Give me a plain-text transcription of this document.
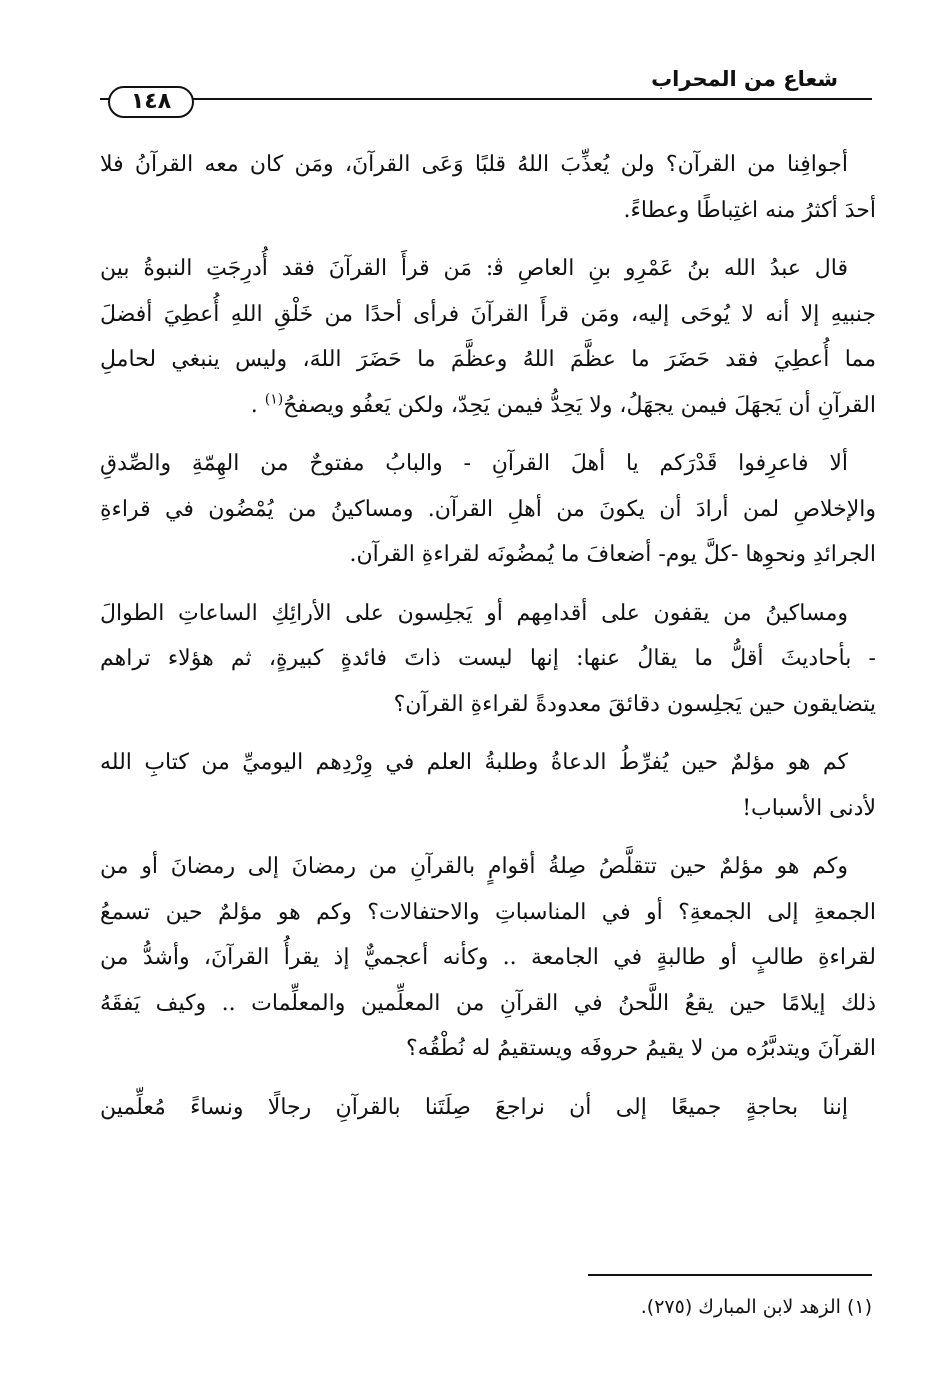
شعاع من المحراب
١٤٨

أجوافِنا من القرآن؟ ولن يُعذِّبَ اللهُ قلبًا وَعَى القرآنَ، ومَن كان معه القرآنُ فلا
أحدَ أكثرُ منه اغتِباطًا وعطاءً.

قال عبدُ الله بنُ عَمْرِو بنِ العاصِ ﭬ: مَن قرأَ القرآنَ فقد أُدرِجَتِ النبوةُ بين
جنبيهِ إلا أنه لا يُوحَى إليه، ومَن قرأَ القرآنَ فرأى أحدًا من خَلْقِ اللهِ أُعطِيَ أفضلَ
مما أُعطِيَ فقد حَضَرَ ما عظَّمَ اللهُ وعظَّمَ ما حَضَرَ اللهَ، وليس ينبغي لحاملِ
القرآنِ أن يَجهَلَ فيمن يجهَلُ، ولا يَحِدُّ فيمن يَحِدّ، ولكن يَعفُو ويصفحُ$^{(١)}$ .

ألا فاعرِفوا قَدْرَكم يا أهلَ القرآنِ - والبابُ مفتوحٌ من الهِمّةِ والصِّدقِ
والإخلاصِ لمن أرادَ أن يكونَ من أهلِ القرآن. ومساكينُ من يُمْضُون في قراءةِ
الجرائدِ ونحوِها -كلَّ يوم- أضعافَ ما يُمضُونَه لقراءةِ القرآن.

ومساكينُ من يقفون على أقدامِهم أو يَجلِسون على الأرائِكِ الساعاتِ الطوالَ
- بأحاديثَ أقلُّ ما يقالُ عنها: إنها ليست ذاتَ فائدةٍ كبيرةٍ، ثم هؤلاء تراهم
يتضايقون حين يَجلِسون دقائقَ معدودةً لقراءةِ القرآن؟

كم هو مؤلمٌ حين يُفرِّطُ الدعاةُ وطلبةُ العلم في وِرْدِهم اليوميِّ من كتابِ الله
لأدنى الأسباب!

وكم هو مؤلمٌ حين تتقلَّصُ صِلةُ أقوامٍ بالقرآنِ من رمضانَ إلى رمضانَ أو من
الجمعةِ إلى الجمعةِ؟ أو في المناسباتِ والاحتفالات؟ وكم هو مؤلمٌ حين تسمعُ
لقراءةِ طالبٍ أو طالبةٍ في الجامعة .. وكأنه أعجميٌّ إذ يقرأُ القرآنَ، وأشدُّ من
ذلك إيلامًا حين يقعُ اللَّحنُ في القرآنِ من المعلِّمين والمعلِّمات .. وكيف يَفقَهُ
القرآنَ ويتدبَّرُه من لا يقيمُ حروفَه ويستقيمُ له نُطْقُه؟

إننا بحاجةٍ جميعًا إلى أن نراجعَ صِلَتَنا بالقرآنِ رجالًا ونساءً مُعلِّمين

(١) الزهد لابن المبارك (٢٧٥).
